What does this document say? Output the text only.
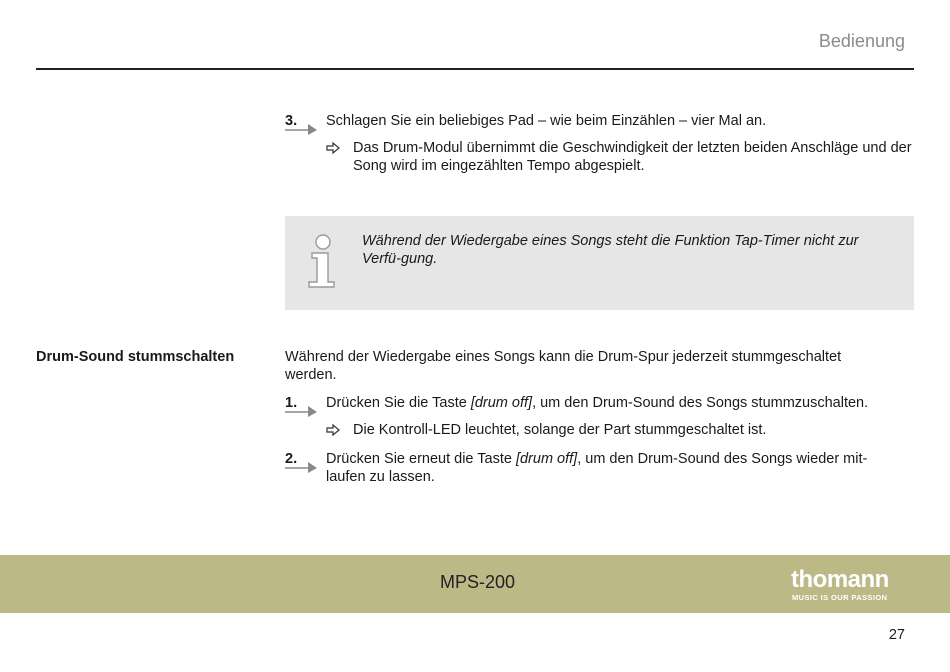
Bedienung
3. Schlagen Sie ein beliebiges Pad – wie beim Einzählen – vier Mal an.
Das Drum-Modul übernimmt die Geschwindigkeit der letzten beiden Anschläge und der Song wird im eingezählten Tempo abgespielt.
Während der Wiedergabe eines Songs steht die Funktion Tap-Timer nicht zur Verfü-gung.
Drum-Sound stummschalten	Während der Wiedergabe eines Songs kann die Drum-Spur jederzeit stummgeschaltet werden.
1. Drücken Sie die Taste [drum off], um den Drum-Sound des Songs stummzuschalten.
Die Kontroll-LED leuchtet, solange der Part stummgeschaltet ist.
2. Drücken Sie erneut die Taste [drum off], um den Drum-Sound des Songs wieder mit-laufen zu lassen.
MPS-200	thomann
MUSIC IS OUR PASSION
27
